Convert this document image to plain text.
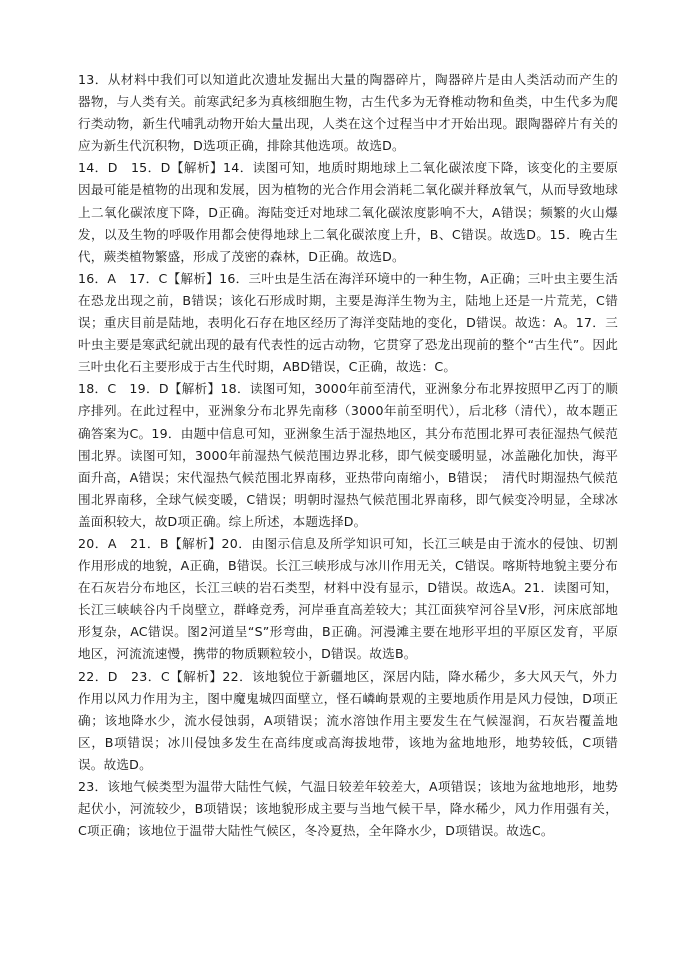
13．从材料中我们可以知道此次遗址发掘出大量的陶器碎片，陶器碎片是由人类活动而产生的器物，与人类有关。前寒武纪多为真核细胞生物，古生代多为无脊椎动物和鱼类，中生代多为爬行类动物，新生代哺乳动物开始大量出现，人类在这个过程当中才开始出现。跟陶器碎片有关的应为新生代沉积物，D选项正确，排除其他选项。故选D。

14．D　15．D【解析】14．读图可知，地质时期地球上二氧化碳浓度下降，该变化的主要原因最可能是植物的出现和发展，因为植物的光合作用会消耗二氧化碳并释放氧气，从而导致地球上二氧化碳浓度下降，D正确。海陆变迁对地球二氧化碳浓度影响不大，A错误；频繁的火山爆发，以及生物的呼吸作用都会使得地球上二氧化碳浓度上升，B、C错误。故选D。15．晚古生代，蕨类植物繁盛，形成了茂密的森林，D正确。故选D。

16．A　17．C【解析】16．三叶虫是生活在海洋环境中的一种生物，A正确；三叶虫主要生活在恐龙出现之前，B错误；该化石形成时期，主要是海洋生物为主，陆地上还是一片荒芜，C错误；重庆目前是陆地，表明化石存在地区经历了海洋变陆地的变化，D错误。故选：A。17．三叶虫主要是寒武纪就出现的最有代表性的远古动物，它贯穿了恐龙出现前的整个“古生代”。因此三叶虫化石主要形成于古生代时期，ABD错误，C正确，故选：C。

18．C　19．D【解析】18．读图可知，3000年前至清代，亚洲象分布北界按照甲乙丙丁的顺序排列。在此过程中，亚洲象分布北界先南移（3000年前至明代），后北移（清代），故本题正确答案为C。19．由题中信息可知，亚洲象生活于湿热地区，其分布范围北界可表征湿热气候范围北界。读图可知，3000年前湿热气候范围边界北移，即气候变暖明显，冰盖融化加快，海平面升高，A错误；宋代湿热气候范围北界南移，亚热带向南缩小，B错误；　清代时期湿热气候范围北界南移，全球气候变暖，C错误；明朝时湿热气候范围北界南移，即气候变冷明显，全球冰盖面积较大，故D项正确。综上所述，本题选择D。

20．A　21．B【解析】20．由图示信息及所学知识可知，长江三峡是由于流水的侵蚀、切割作用形成的地貌，A正确，B错误。长江三峡形成与冰川作用无关，C错误。喀斯特地貌主要分布在石灰岩分布地区，长江三峡的岩石类型，材料中没有显示，D错误。故选A。21．读图可知，长江三峡峡谷内千岗壁立，群峰竞秀，河岸垂直高差较大；其江面狭窄河谷呈V形，河床底部地形复杂，AC错误。图2河道呈“S”形弯曲，B正确。河漫滩主要在地形平坦的平原区发育，平原地区，河流流速慢，携带的物质颗粒较小，D错误。故选B。

22．D　23．C【解析】22．该地貌位于新疆地区，深居内陆，降水稀少，多大风天气，外力作用以风力作用为主，图中魔鬼城四面壁立，怪石嶙峋景观的主要地质作用是风力侵蚀，D项正确；该地降水少，流水侵蚀弱，A项错误；流水溶蚀作用主要发生在气候湿润，石灰岩覆盖地区，B项错误；冰川侵蚀多发生在高纬度或高海拔地带，该地为盆地地形，地势较低，C项错误。故选D。

23．该地气候类型为温带大陆性气候，气温日较差年较差大，A项错误；该地为盆地地形，地势起伏小，河流较少，B项错误；该地貌形成主要与当地气候干旱，降水稀少，风力作用强有关，C项正确；该地位于温带大陆性气候区，冬冷夏热，全年降水少，D项错误。故选C。
